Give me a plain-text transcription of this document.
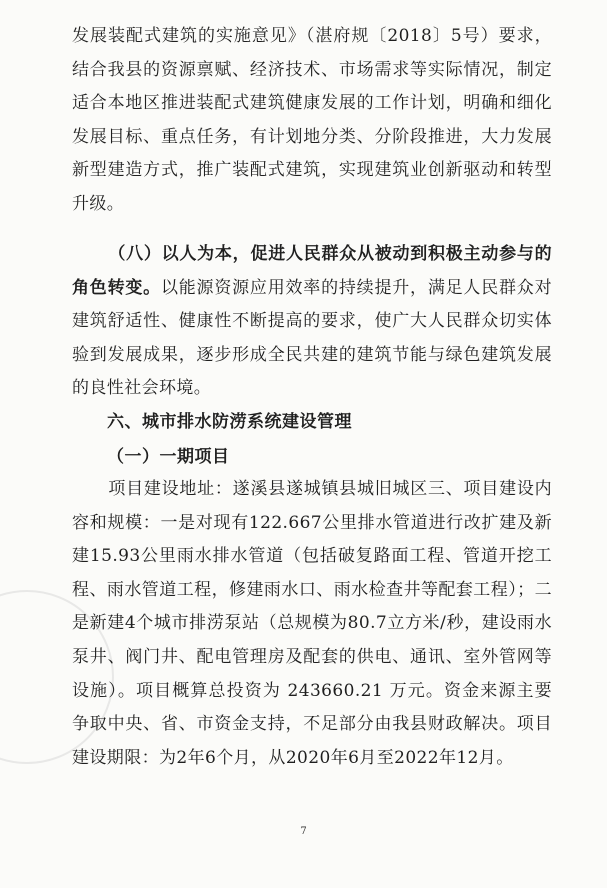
发展装配式建筑的实施意见》（湛府规〔2018〕5号）要求，结合我县的资源禀赋、经济技术、市场需求等实际情况，制定适合本地区推进装配式建筑健康发展的工作计划，明确和细化发展目标、重点任务，有计划地分类、分阶段推进，大力发展新型建造方式，推广装配式建筑，实现建筑业创新驱动和转型升级。

（八）以人为本，促进人民群众从被动到积极主动参与的角色转变。以能源资源应用效率的持续提升，满足人民群众对建筑舒适性、健康性不断提高的要求，使广大人民群众切实体验到发展成果，逐步形成全民共建的建筑节能与绿色建筑发展的良性社会环境。

六、城市排水防涝系统建设管理
（一）一期项目

项目建设地址：遂溪县遂城镇县城旧城区三、项目建设内容和规模：一是对现有122.667公里排水管道进行改扩建及新建15.93公里雨水排水管道（包括破复路面工程、管道开挖工程、雨水管道工程，修建雨水口、雨水检查井等配套工程）；二是新建4个城市排涝泵站（总规模为80.7立方米/秒，建设雨水泵井、阀门井、配电管理房及配套的供电、通讯、室外管网等设施）。项目概算总投资为 243660.21 万元。资金来源主要争取中央、省、市资金支持，不足部分由我县财政解决。项目建设期限：为2年6个月，从2020年6月至2022年12月。

7
